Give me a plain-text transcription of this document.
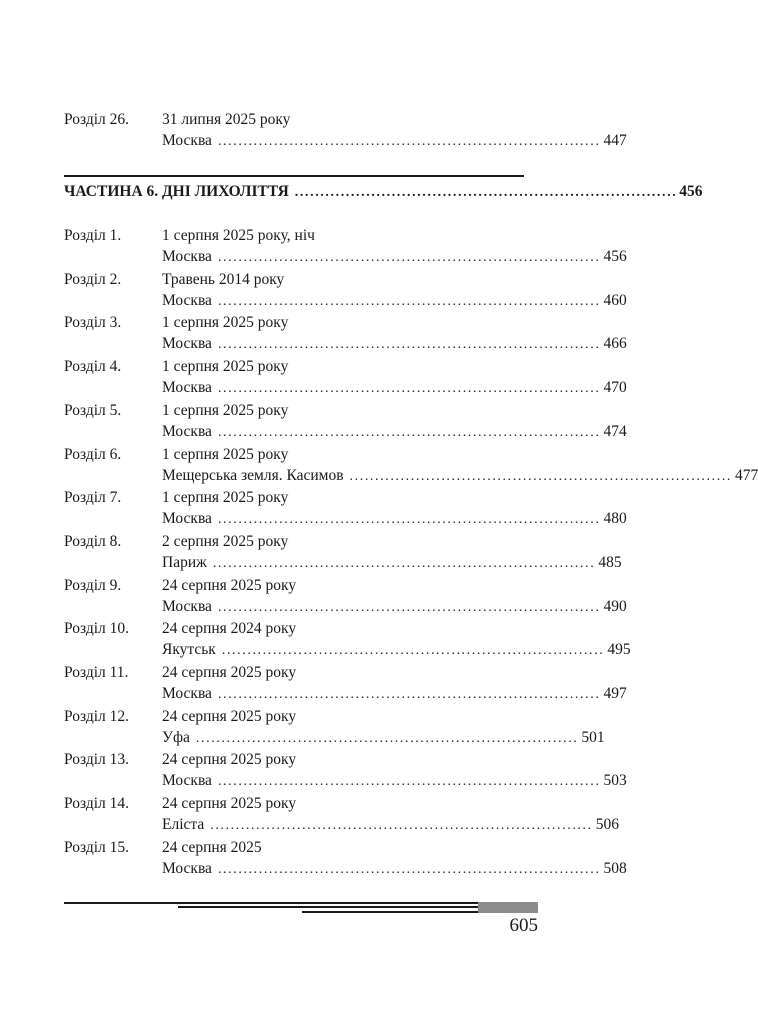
Розділ 26. 31 липня 2025 року
Москва ........................................................................... 447
ЧАСТИНА 6. ДНІ ЛИХОЛІТТЯ ........................................................................... 456
Розділ 1.	1 серпня 2025 року, ніч
Москва ........................................................................... 456
Розділ 2.	Травень 2014 року
Москва ........................................................................... 460
Розділ 3.	1 серпня 2025 року
Москва ........................................................................... 466
Розділ 4.	1 серпня 2025 року
Москва ........................................................................... 470
Розділ 5.	1 серпня 2025 року
Москва ........................................................................... 474
Розділ 6.	1 серпня 2025 року
Мещерська земля. Касимов ........................................................................... 477
Розділ 7.	1 серпня 2025 року
Москва ........................................................................... 480
Розділ 8.	2 серпня 2025 року
Париж ........................................................................... 485
Розділ 9.	24 серпня 2025 року
Москва ........................................................................... 490
Розділ 10. 24 серпня 2024 року
Якутськ ........................................................................... 495
Розділ 11. 24 серпня 2025 року
Москва ........................................................................... 497
Розділ 12. 24 серпня 2025 року
Уфа ........................................................................... 501
Розділ 13. 24 серпня 2025 року
Москва ........................................................................... 503
Розділ 14. 24 серпня 2025 року
Еліста ........................................................................... 506
Розділ 15. 24 серпня 2025
Москва ........................................................................... 508
605
